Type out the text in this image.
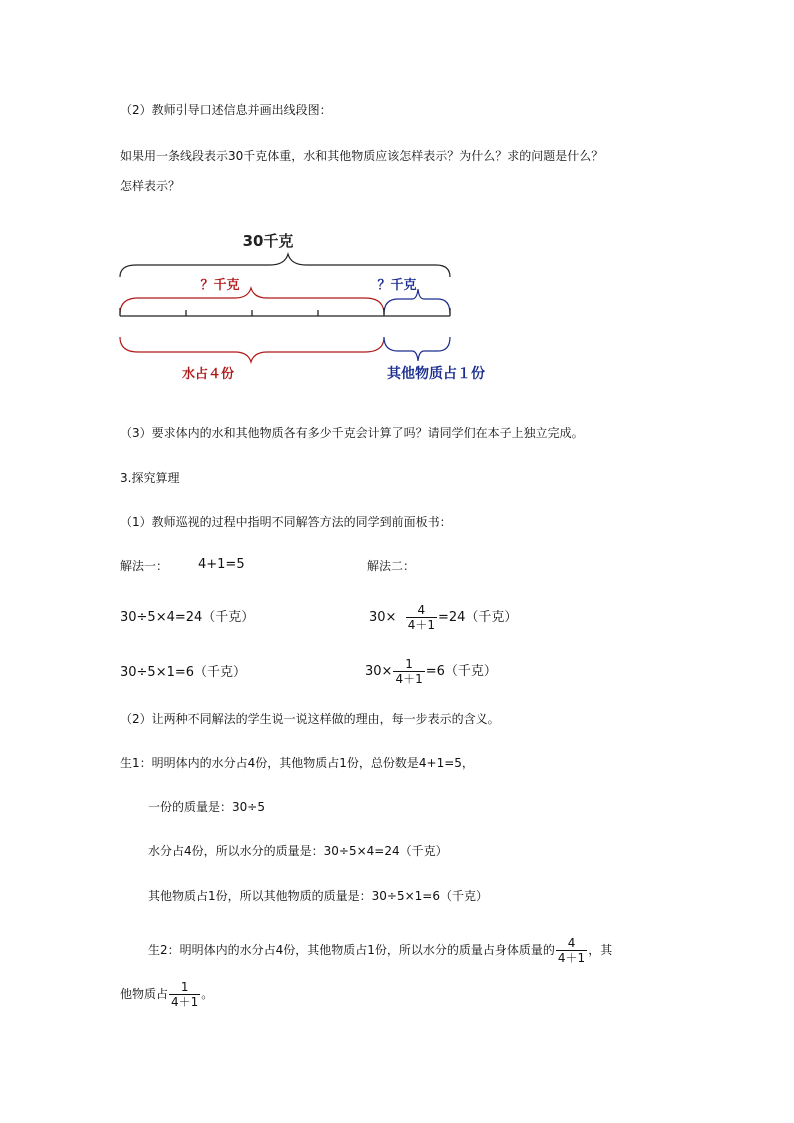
（2）教师引导口述信息并画出线段图：
如果用一条线段表示30千克体重，水和其他物质应该怎样表示？为什么？求的问题是什么？
怎样表示？
30千克
？千克	？千克
水占４份	其他物质占１份
（3）要求体内的水和其他物质各有多少千克会计算了吗？请同学们在本子上独立完成。
3.探究算理
（1）教师巡视的过程中指明不同解答方法的同学到前面板书：
解法一： 4+1=5
30÷5×4=24（千克）
30÷5×1=6（千克）
解法二：
$30\times \frac{4}{4+1} =24$（千克）
$30\times \frac{1}{4+1} =6$（千克）
（2）让两种不同解法的学生说一说这样做的理由，每一步表示的含义。
生1：明明体内的水分占4份，其他物质占1份，总份数是4+1=5，
一份的质量是：30÷5
水分占4份，所以水分的质量是：30÷5×4=24（千克）
其他物质占1份，所以其他物质的质量是：30÷5×1=6（千克）
生2：明明体内的水分占4份，其他物质占1份，所以水分的质量占身体质量的 $\frac{4}{4+1}$ ，其
他物质占 $\frac{1}{4+1}$ 。
